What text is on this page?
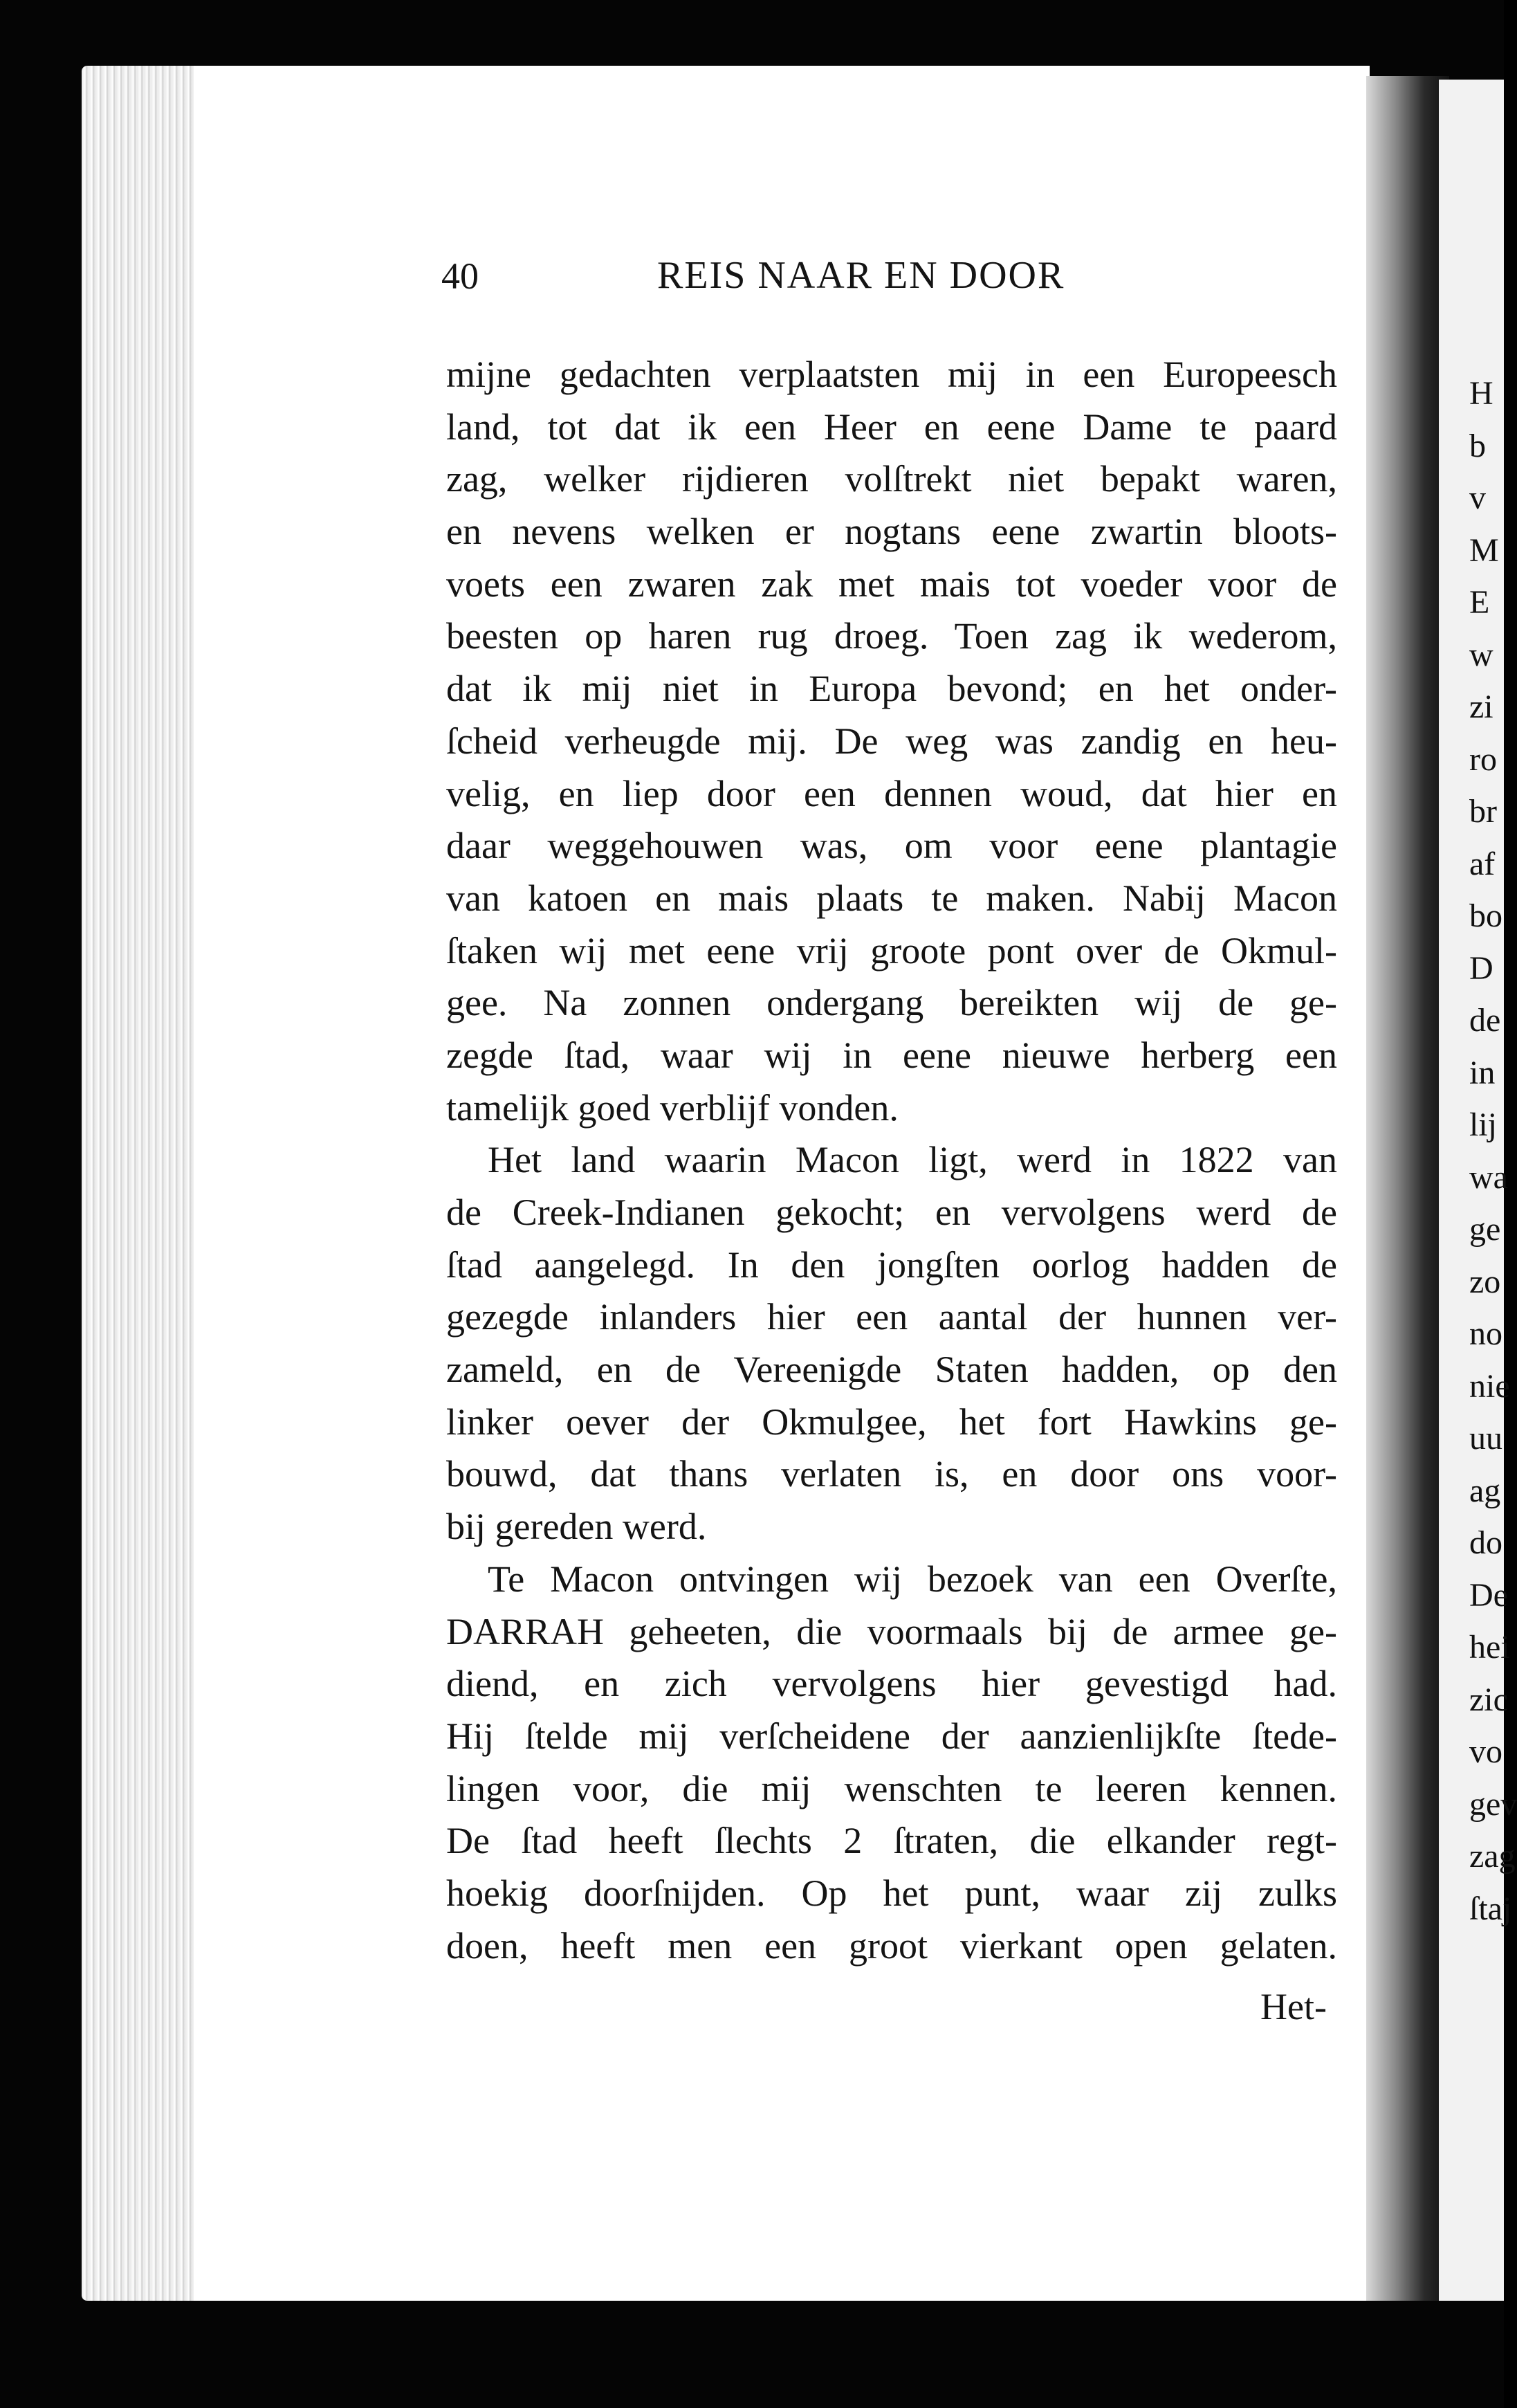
H
b
v
M
E
w
zi
ro
br
af
bo
D
de
in
lij
wa
ge
zo
no
nie
uu
ag
do
De
hei
zic
vo
gev
zag
ſtaj
40	REIS NAAR EN DOOR
mijne gedachten verplaatsten mij in een Europeesch
land, tot dat ik een Heer en eene Dame te paard
zag, welker rijdieren volſtrekt niet bepakt waren,
en nevens welken er nogtans eene zwartin bloots-
voets een zwaren zak met mais tot voeder voor de
beesten op haren rug droeg. Toen zag ik wederom,
dat ik mij niet in Europa bevond; en het onder-
ſcheid verheugde mij. De weg was zandig en heu-
velig, en liep door een dennen woud, dat hier en
daar weggehouwen was, om voor eene plantagie
van katoen en mais plaats te maken. Nabij Macon
ſtaken wij met eene vrij groote pont over de Okmul-
gee. Na zonnen ondergang bereikten wij de ge-
zegde ſtad, waar wij in eene nieuwe herberg een
tamelijk goed verblijf vonden.
Het land waarin Macon ligt, werd in 1822 van
de Creek-Indianen gekocht; en vervolgens werd de
ſtad aangelegd. In den jongſten oorlog hadden de
gezegde inlanders hier een aantal der hunnen ver-
zameld, en de Vereenigde Staten hadden, op den
linker oever der Okmulgee, het fort Hawkins ge-
bouwd, dat thans verlaten is, en door ons voor-
bij gereden werd.
Te Macon ontvingen wij bezoek van een Overſte,
DARRAH geheeten, die voormaals bij de armee ge-
diend, en zich vervolgens hier gevestigd had.
Hij ſtelde mij verſcheidene der aanzienlijkſte ſtede-
lingen voor, die mij wenschten te leeren kennen.
De ſtad heeft ſlechts 2 ſtraten, die elkander regt-
hoekig doorſnijden. Op het punt, waar zij zulks
doen, heeft men een groot vierkant open gelaten.
Het-
